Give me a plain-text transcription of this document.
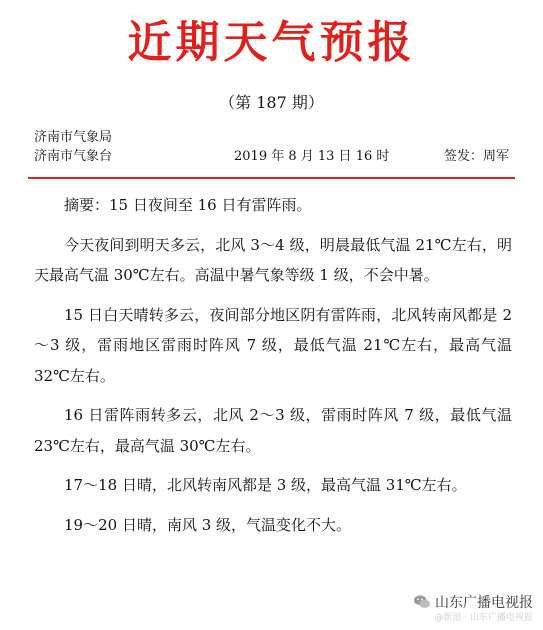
近期天气预报
（第 187 期）
济南市气象局
济南市气象台	2019 年 8 月 13 日 16 时	签发：周军

摘要：15 日夜间至 16 日有雷阵雨。

今天夜间到明天多云，北风 3～4 级，明晨最低气温 21℃左右，明天最高气温 30℃左右。高温中暑气象等级 1 级，不会中暑。

15 日白天晴转多云，夜间部分地区阴有雷阵雨，北风转南风都是 2～3 级，雷雨地区雷雨时阵风 7 级，最低气温 21℃左右，最高气温 32℃左右。

16 日雷阵雨转多云，北风 2～3 级，雷雨时阵风 7 级，最低气温 23℃左右，最高气温 30℃左右。

17～18 日晴，北风转南风都是 3 级，最高气温 31℃左右。

19～20 日晴，南风 3 级，气温变化不大。

山东广播电视报
@新浪 · 山东广播电视报
